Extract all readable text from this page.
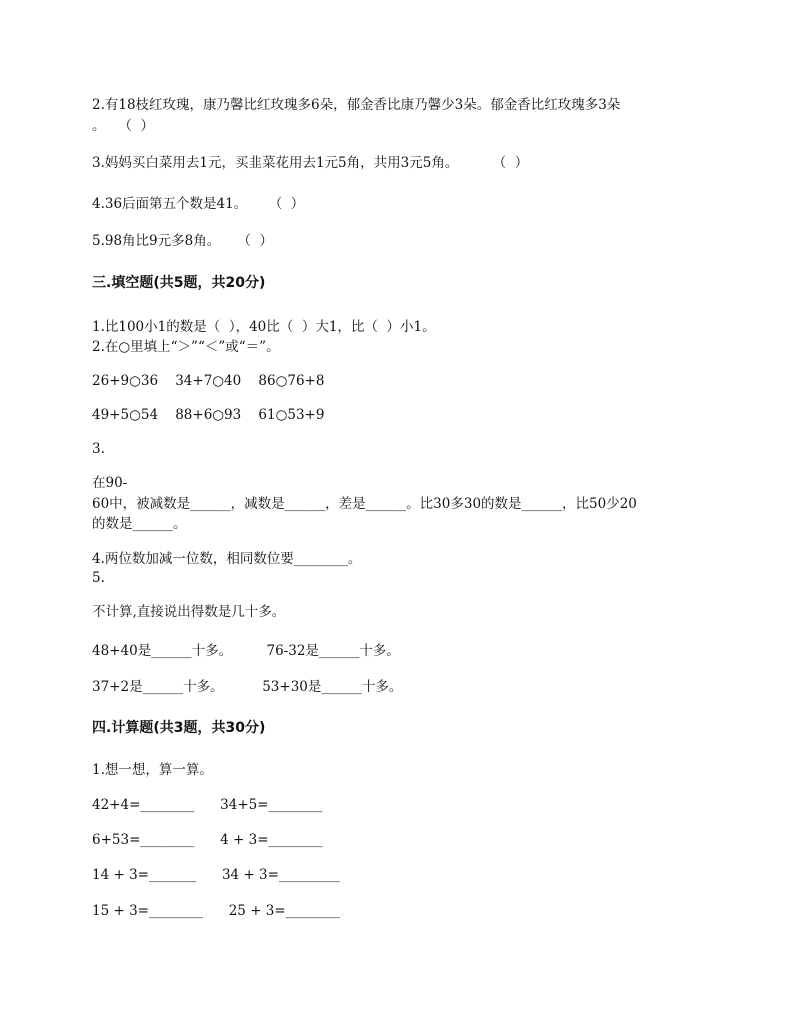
2.有18枝红玫瑰，康乃馨比红玫瑰多6朵，郁金香比康乃馨少3朵。郁金香比红玫瑰多3朵
。   （  ）
3.妈妈买白菜用去1元，买韭菜花用去1元5角，共用3元5角。        （  ）
4.36后面第五个数是41。     （  ）
5.98角比9元多8角。    （  ）
三.填空题(共5题，共20分)
1.比100小1的数是（  ），40比（  ）大1，比（  ）小1。
2.在○里填上“＞”“＜”或“＝”。
26+9○36    34+7○40    86○76+8
49+5○54    88+6○93    61○53+9
3.
在90-
60中，被减数是______，减数是______，差是______。比30多30的数是______，比50少20
的数是______。
4.两位数加减一位数，相同数位要________。
5.
不计算,直接说出得数是几十多。
48+40是______十多。        76-32是______十多。
37+2是______十多。         53+30是______十多。
四.计算题(共3题，共30分)
1.想一想，算一算。
42+4=________      34+5=________
6+53=________      4 + 3=________
14 + 3=_______      34 + 3=_________
15 + 3=________      25 + 3=________
